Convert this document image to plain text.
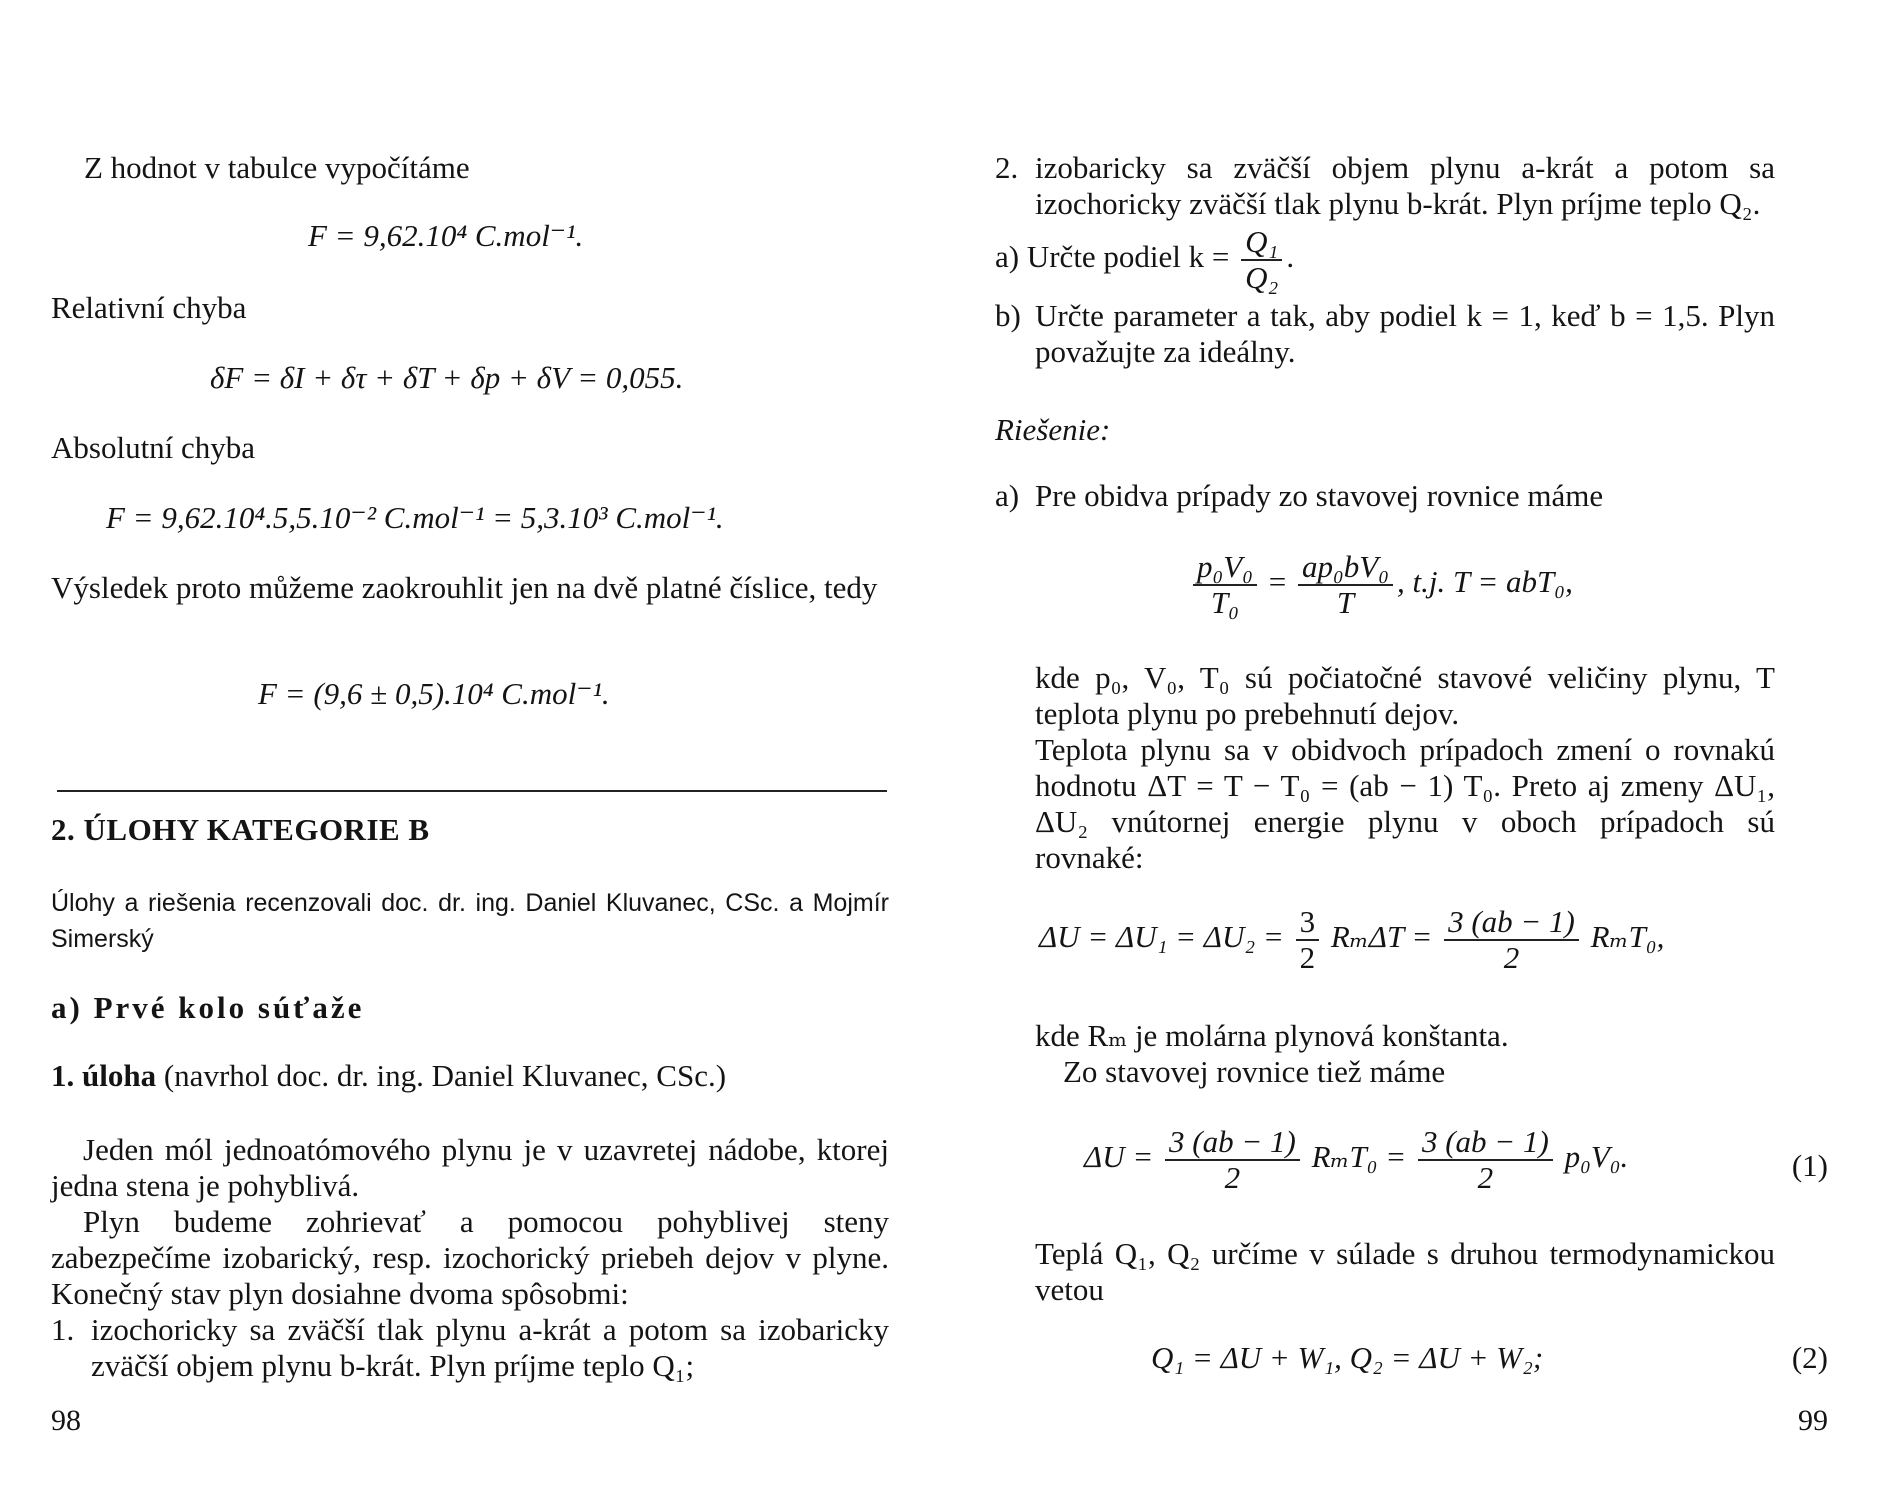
Z hodnot v tabulce vypočítáme
F = 9,62.10⁴ C.mol⁻¹.
Relativní chyba
δF = δI + δτ + δT + δp + δV = 0,055.
Absolutní chyba
F = 9,62.10⁴.5,5.10⁻² C.mol⁻¹ = 5,3.10³ C.mol⁻¹.
Výsledek proto můžeme zaokrouhlit jen na dvě platné číslice, tedy
F = (9,6 ± 0,5).10⁴ C.mol⁻¹.
2. ÚLOHY KATEGORIE B
Úlohy a riešenia recenzovali doc. dr. ing. Daniel Kluvanec, CSc. a Mojmír Simerský
a) Prvé kolo súťaže
1. úloha (navrhol doc. dr. ing. Daniel Kluvanec, CSc.)
Jeden mól jednoatómového plynu je v uzavretej nádobe, ktorej jedna stena je pohyblivá.
Plyn budeme zohrievať a pomocou pohyblivej steny zabezpečíme izobarický, resp. izochorický priebeh dejov v plyne. Konečný stav plyn dosiahne dvoma spôsobmi:
1. izochoricky sa zväčší tlak plynu a-krát a potom sa izobaricky zväčší objem plynu b-krát. Plyn príjme teplo Q₁;
98
2. izobaricky sa zväčší objem plynu a-krát a potom sa izochoricky zväčší tlak plynu b-krát. Plyn príjme teplo Q₂.
a) Určte podiel $k = \frac{\text{Q₁}}{\text{Q₂}}$ .
b) Určte parameter a tak, aby podiel k = 1, keď b = 1,5. Plyn považujte za ideálny.
Riešenie:
a) Pre obidva prípady zo stavovej rovnice máme
$\frac{\text{p₀V₀}}{\text{T₀}} = \frac{\text{ap₀bV₀}}{T}$ , t.j. T = abT₀,
kde p₀, V₀, T₀ sú počiatočné stavové veličiny plynu, T teplota plynu po prebehnutí dejov.
Teplota plynu sa v obidvoch prípadoch zmení o rovnakú hodnotu ΔT = T − T₀ = (ab − 1) T₀. Preto aj zmeny ΔU₁, ΔU₂ vnútornej energie plynu v oboch prípadoch sú rovnaké:
$\Delta U = \Delta U_1 = \Delta U_2 = \frac{3}{2}$ $R_m\Delta T = \frac{3 (ab - 1)}{2} R_mT_0$,
kde Rₘ je molárna plynová konštanta.
Zo stavovej rovnice tiež máme
$\Delta U = \frac{3 (ab - 1)}{2} R_mT_0 = \frac{3 (ab - 1)}{2} p_0V_0$.	(1)
Teplá Q₁, Q₂ určíme v súlade s druhou termodynamickou vetou
Q₁ = ΔU + W₁, Q₂ = ΔU + W₂;	(2)
99
